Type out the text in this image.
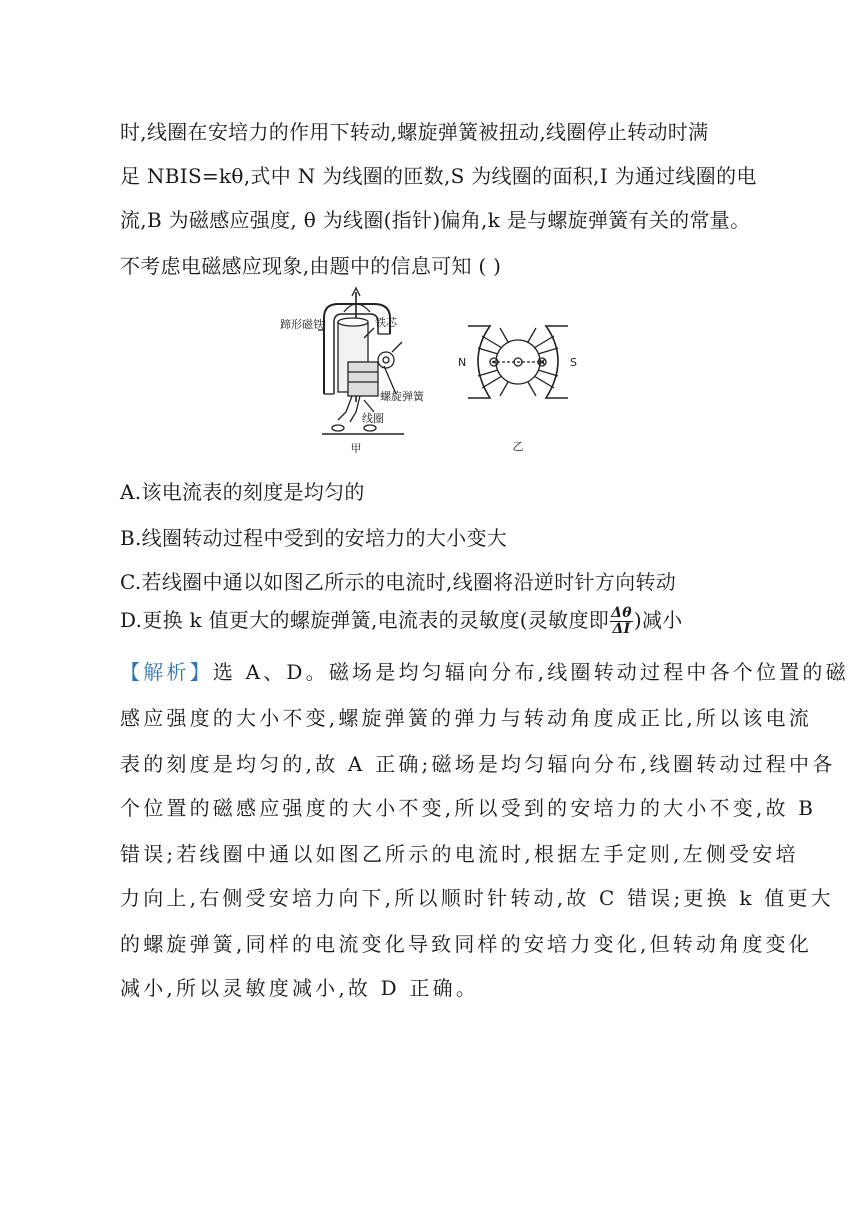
时,线圈在安培力的作用下转动,螺旋弹簧被扭动,线圈停止转动时满
足 NBIS=kθ,式中 N 为线圈的匝数,S 为线圈的面积,I 为通过线圈的电
流,B 为磁感应强度, θ 为线圈(指针)偏角,k 是与螺旋弹簧有关的常量。
不考虑电磁感应现象,由题中的信息可知 ( )
蹄形磁铁	铁芯
螺旋弹簧
线圈
甲
N	S
乙
A.该电流表的刻度是均匀的
B.线圈转动过程中受到的安培力的大小变大
C.若线圈中通以如图乙所示的电流时,线圈将沿逆时针方向转动
D.更换 k 值更大的螺旋弹簧,电流表的灵敏度(灵敏度即 $\frac{\Delta\theta}{\Delta I}$ )减小
【解析】选 A、D。磁场是均匀辐向分布,线圈转动过程中各个位置的磁
感应强度的大小不变,螺旋弹簧的弹力与转动角度成正比,所以该电流
表的刻度是均匀的,故 A 正确;磁场是均匀辐向分布,线圈转动过程中各
个位置的磁感应强度的大小不变,所以受到的安培力的大小不变,故 B
错误;若线圈中通以如图乙所示的电流时,根据左手定则,左侧受安培
力向上,右侧受安培力向下,所以顺时针转动,故 C 错误;更换 k 值更大
的螺旋弹簧,同样的电流变化导致同样的安培力变化,但转动角度变化
减小,所以灵敏度减小,故 D 正确。
